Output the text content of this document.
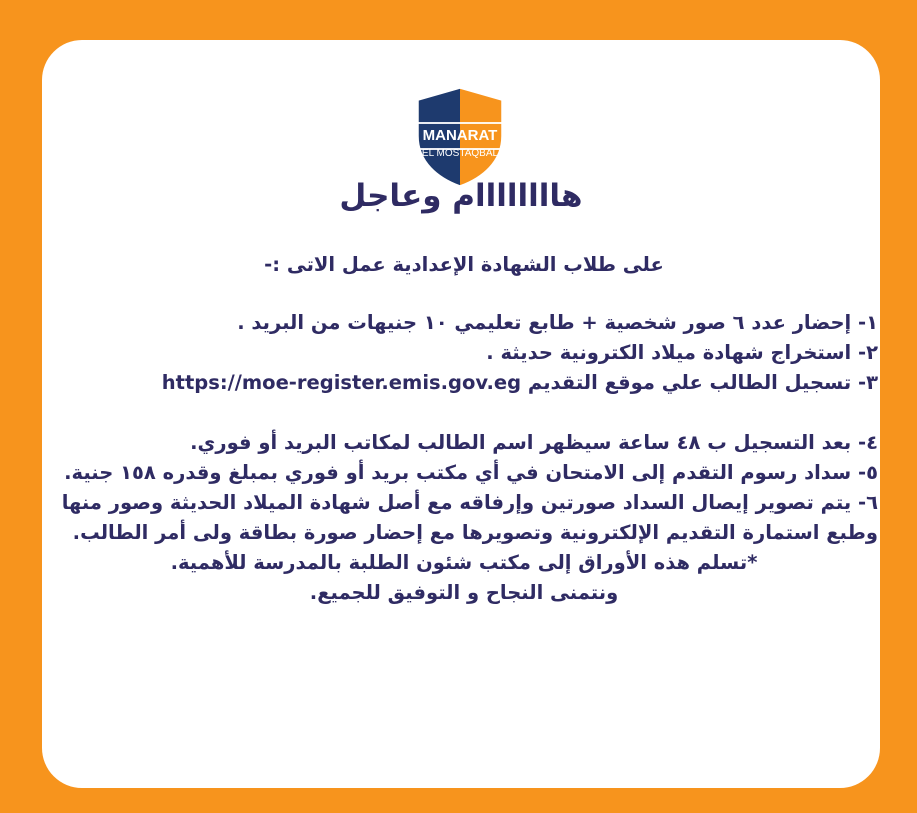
MANARAT
EL MOSTAQBAL
هاااااااام وعاجل
على طلاب الشهادة الإعدادية عمل الاتى :-
١- إحضار عدد ٦ صور شخصية + طابع تعليمي ١٠ جنيهات من البريد .
٢- استخراج شهادة ميلاد الكترونية حديثة .
٣- تسجيل الطالب علي موقع التقديم https://moe-register.emis.gov.eg
٤- بعد التسجيل ب ٤٨ ساعة سيظهر اسم الطالب لمكاتب البريد أو فوري.
٥- سداد رسوم التقدم إلى الامتحان في أي مكتب بريد أو فوري بمبلغ وقدره ١٥٨ جنية.
٦- يتم تصوير إيصال السداد صورتين وإرفاقه مع أصل شهادة الميلاد الحديثة وصور منها وطبع استمارة التقديم الإلكترونية وتصويرها مع إحضار صورة بطاقة ولى أمر الطالب.
*تسلم هذه الأوراق إلى مكتب شئون الطلبة بالمدرسة للأهمية.
ونتمنى النجاح و التوفيق للجميع.
